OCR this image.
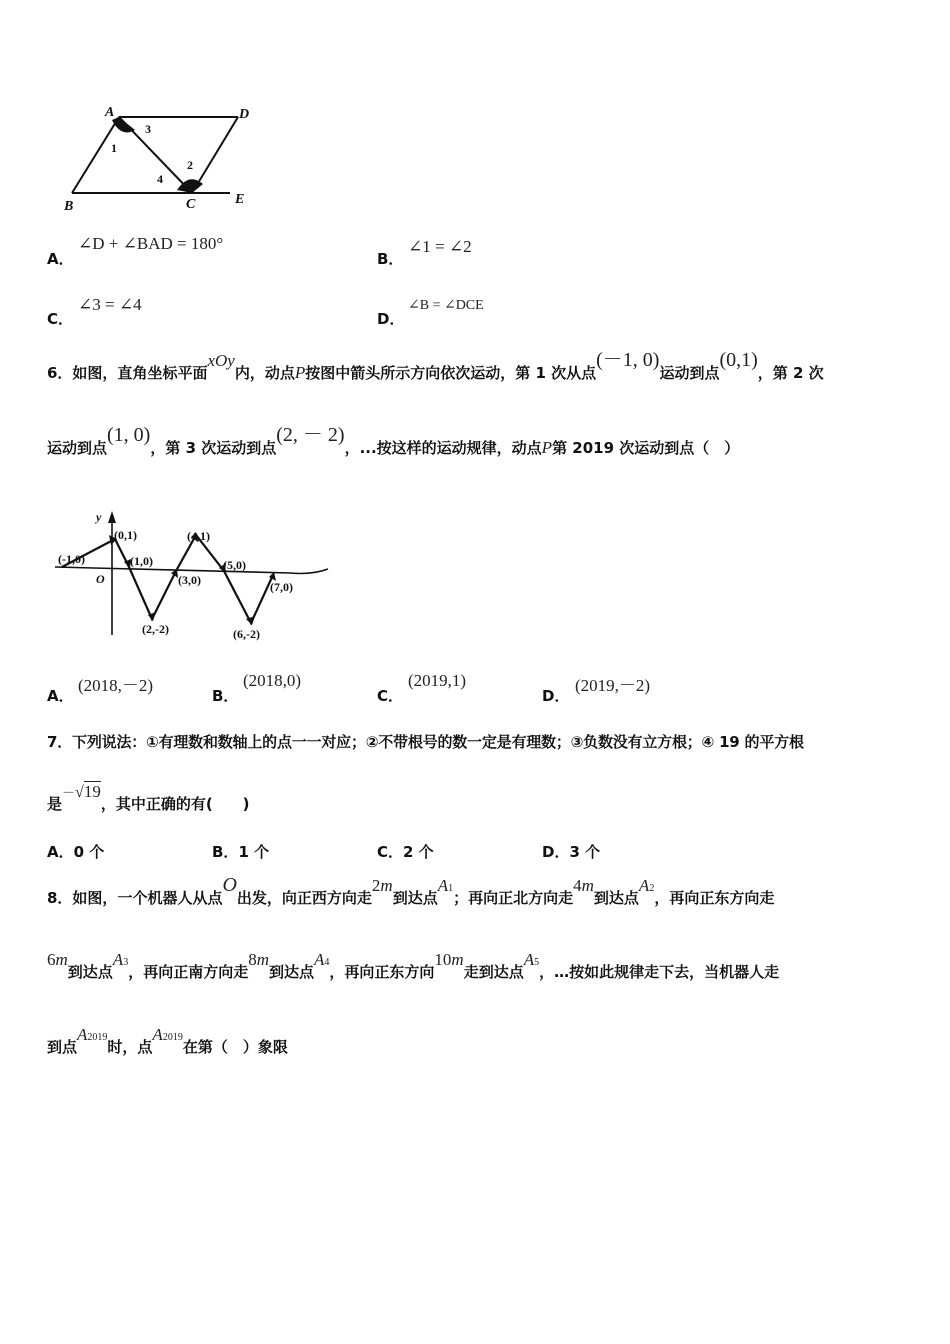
A	D
B	C	E
1
3
2
4
A．
∠D + ∠BAD = 180°
B．
∠1 = ∠2
C．
∠3 = ∠4
D．
∠B = ∠DCE
6．如图，直角坐标平面xOy内，动点P按图中箭头所示方向依次运动，第 1 次从点(－1, 0)运动到点(0,1)，第 2 次
运动到点(1, 0)，第 3 次运动到点(2, － 2)，...按这样的运动规律，动点P第 2019 次运动到点（　）
y
O
(-1,0)
(0,1)
(1,0)
(2,-2)
(3,0)
(4,1)
(5,0)
(6,-2)
(7,0)
A．
(2018,－2)
B．
(2018,0)
C．
(2019,1)
D．
(2019,－2)
7．下列说法：①有理数和数轴上的点一一对应；②不带根号的数一定是有理数；③负数没有立方根；④ 19 的平方根
是－√19，其中正确的有(　　)
A．0 个	B．1 个	C．2 个	D．3 个
8．如图，一个机器人从点O出发，向正西方向走2m到达点$A^1$；再向正北方向走4m到达点$A^2$，再向正东方向走
6m到达点$A^3$，再向正南方向走8m到达点$A^4$，再向正东方向10m走到达点$A^5$，…按如此规律走下去，当机器人走
到点$A^{2019}$时，点$A^{2019}$在第（　）象限
